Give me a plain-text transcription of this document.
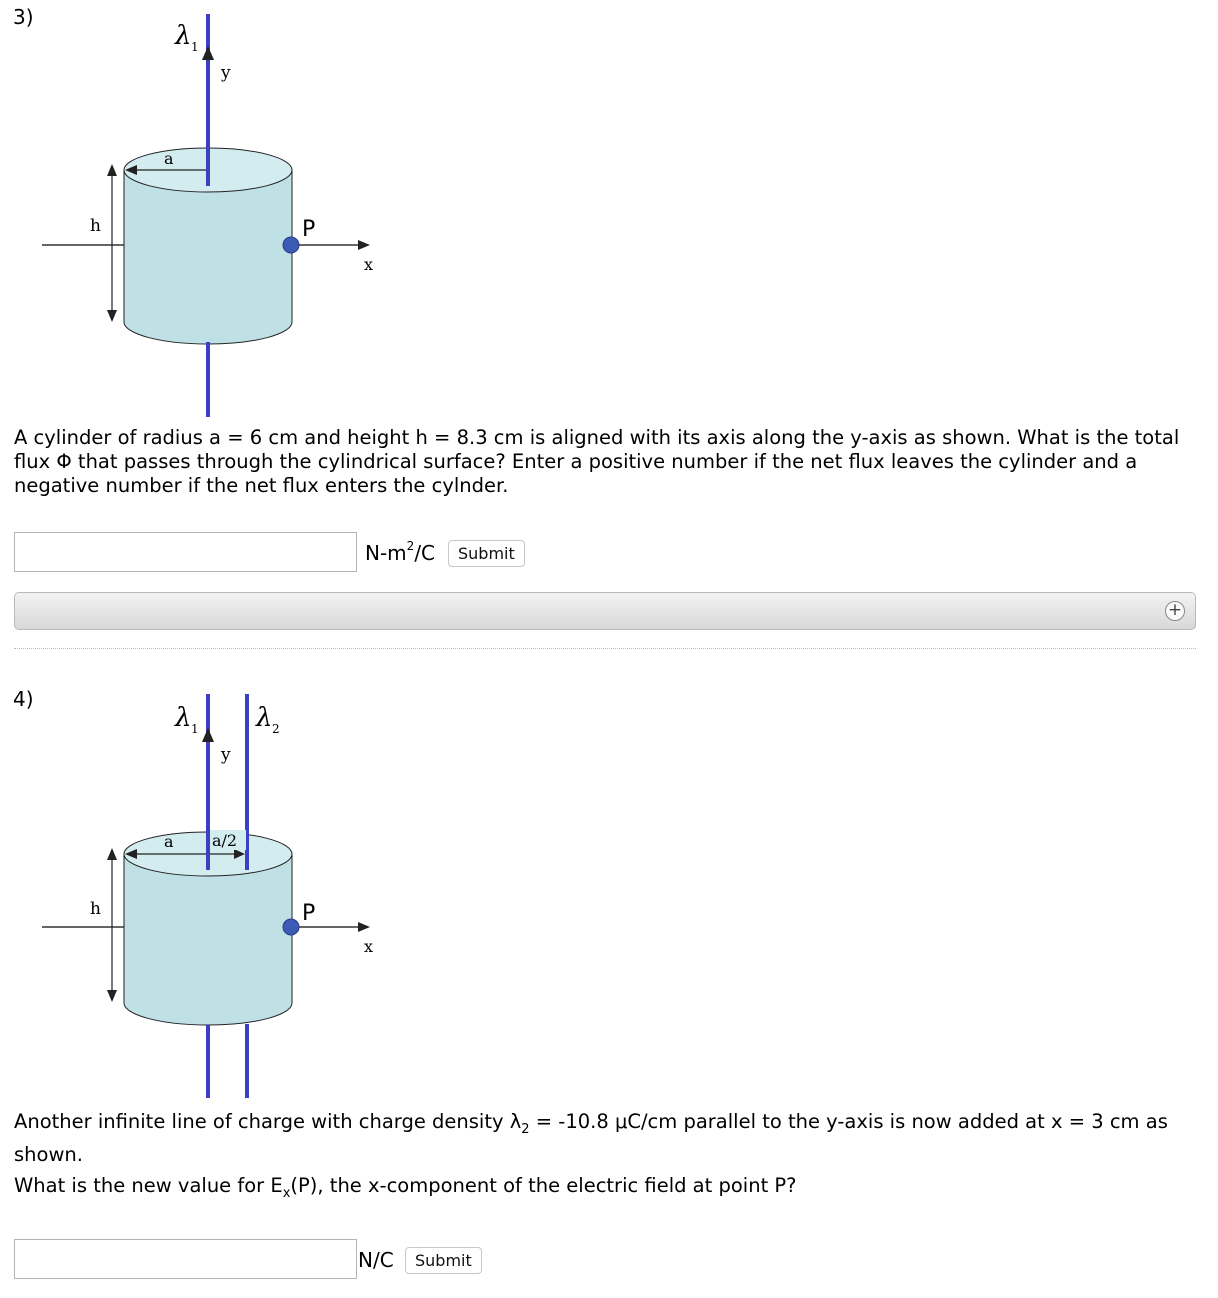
3)
λ 1
y
a
h	P
x
A cylinder of radius a = 6 cm and height h = 8.3 cm is aligned with its axis along the y-axis as shown. What is the total flux Φ that passes through the cylindrical surface? Enter a positive number if the net flux leaves the cylinder and a negative number if the net flux enters the cylnder.
$N-m^2/C$	Submit
+
4)
λ 1 λ 2
y
a a/2
h	P
x
Another infinite line of charge with charge density $\lambda_2 = -10.8$ μC/cm parallel to the y-axis is now added at x = 3 cm as shown.
What is the new value for $E_x(P)$, the x-component of the electric field at point P?
N/C	Submit
